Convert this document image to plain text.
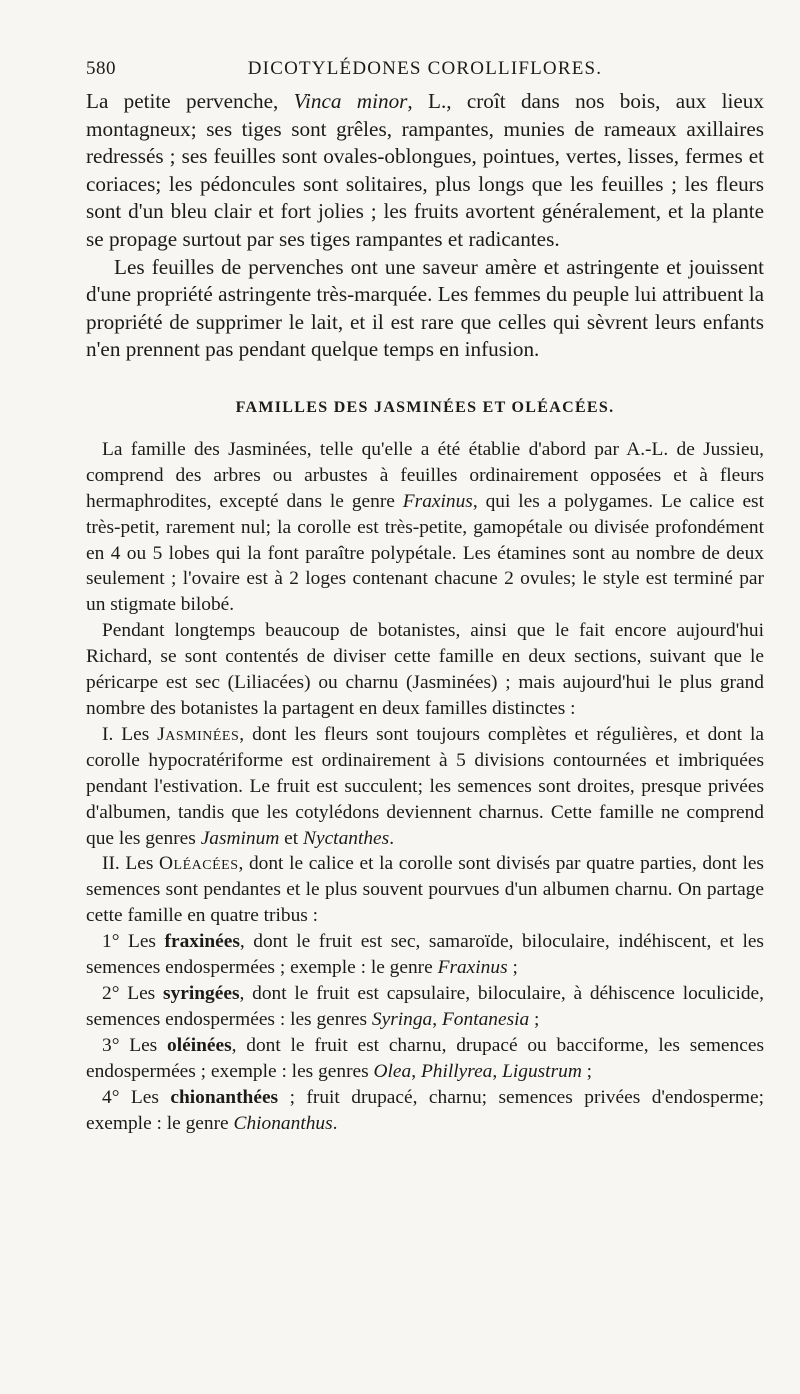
580	DICOTYLÉDONES COROLLIFLORES.

La petite pervenche, Vinca minor, L., croît dans nos bois, aux lieux montagneux; ses tiges sont grêles, rampantes, munies de rameaux axillaires redressés ; ses feuilles sont ovales-oblongues, pointues, vertes, lisses, fermes et coriaces; les pédoncules sont solitaires, plus longs que les feuilles ; les fleurs sont d'un bleu clair et fort jolies ; les fruits avortent généralement, et la plante se propage surtout par ses tiges rampantes et radicantes.

Les feuilles de pervenches ont une saveur amère et astringente et jouissent d'une propriété astringente très-marquée. Les femmes du peuple lui attribuent la propriété de supprimer le lait, et il est rare que celles qui sèvrent leurs enfants n'en prennent pas pendant quelque temps en infusion.

FAMILLES DES JASMINÉES ET OLÉACÉES.

La famille des Jasminées, telle qu'elle a été établie d'abord par A.-L. de Jussieu, comprend des arbres ou arbustes à feuilles ordinairement opposées et à fleurs hermaphrodites, excepté dans le genre Fraxinus, qui les a polygames. Le calice est très-petit, rarement nul; la corolle est très-petite, gamopétale ou divisée profondément en 4 ou 5 lobes qui la font paraître polypétale. Les étamines sont au nombre de deux seulement ; l'ovaire est à 2 loges contenant chacune 2 ovules; le style est terminé par un stigmate bilobé.

Pendant longtemps beaucoup de botanistes, ainsi que le fait encore aujourd'hui Richard, se sont contentés de diviser cette famille en deux sections, suivant que le péricarpe est sec (Liliacées) ou charnu (Jasminées) ; mais aujourd'hui le plus grand nombre des botanistes la partagent en deux familles distinctes :

I. Les Jasminées, dont les fleurs sont toujours complètes et régulières, et dont la corolle hypocratériforme est ordinairement à 5 divisions contournées et imbriquées pendant l'estivation. Le fruit est succulent; les semences sont droites, presque privées d'albumen, tandis que les cotylédons deviennent charnus. Cette famille ne comprend que les genres Jasminum et Nyctanthes.

II. Les Oléacées, dont le calice et la corolle sont divisés par quatre parties, dont les semences sont pendantes et le plus souvent pourvues d'un albumen charnu. On partage cette famille en quatre tribus :

1° Les fraxinées, dont le fruit est sec, samaroïde, biloculaire, indéhiscent, et les semences endospermées ; exemple : le genre Fraxinus ;

2° Les syringées, dont le fruit est capsulaire, biloculaire, à déhiscence loculicide, semences endospermées : les genres Syringa, Fontanesia ;

3° Les oléinées, dont le fruit est charnu, drupacé ou bacciforme, les semences endospermées ; exemple : les genres Olea, Phillyrea, Ligustrum ;

4° Les chionanthées ; fruit drupacé, charnu; semences privées d'endosperme; exemple : le genre Chionanthus.
